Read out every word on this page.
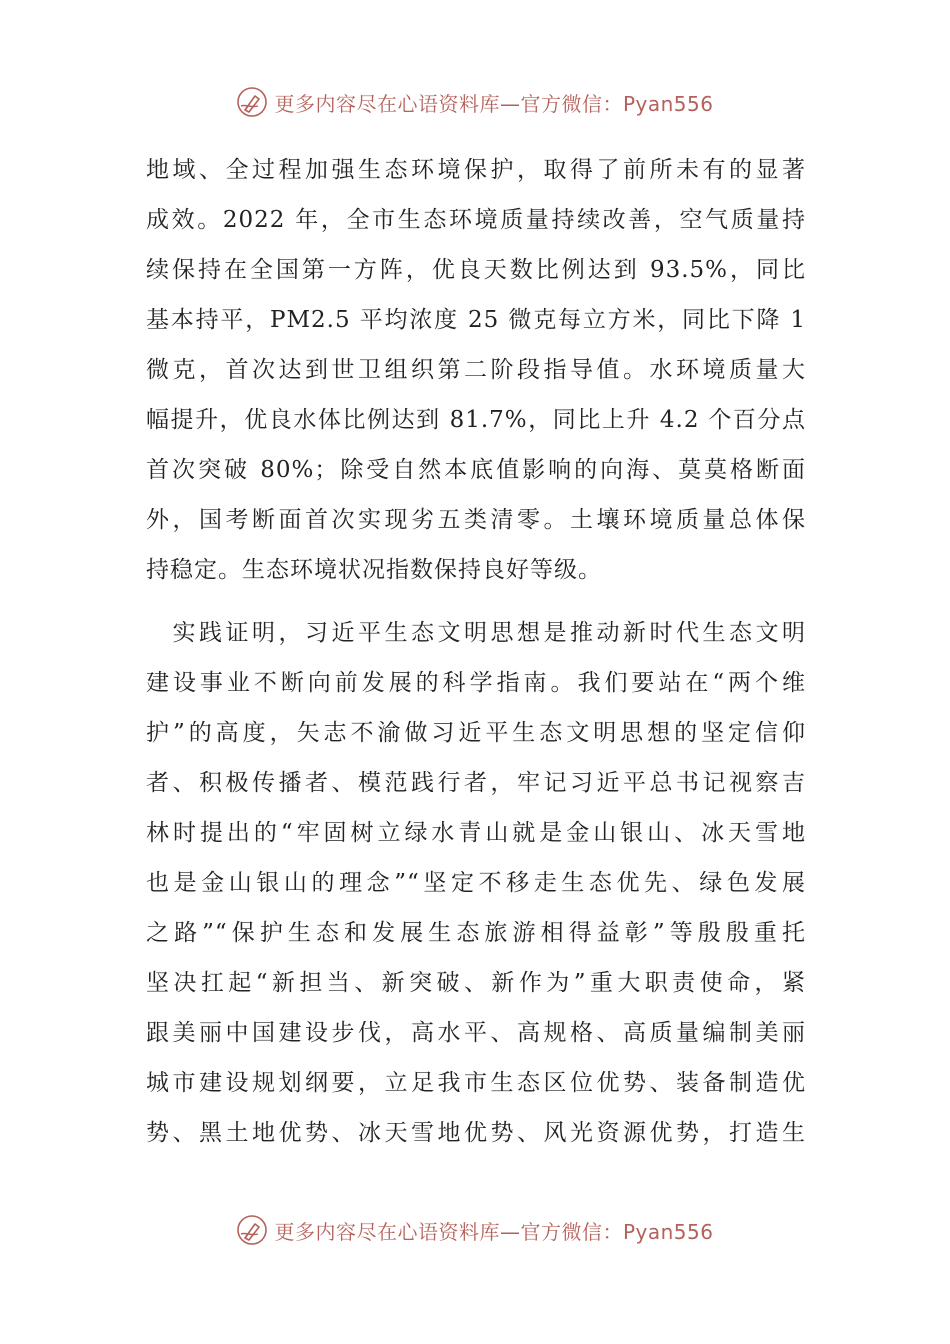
更多内容尽在心语资料库 —官方微信：Pyan556
地域、全过程加强生态环境保护，取得了前所未有的显著
成效。2022 年，全市生态环境质量持续改善，空气质量持
续保持在全国第一方阵，优良天数比例达到 93.5%，同比
基本持平，PM2.5 平均浓度 25 微克每立方米，同比下降 1
微克，首次达到世卫组织第二阶段指导值。水环境质量大
幅提升，优良水体比例达到 81.7%，同比上升 4.2 个百分点
首次突破 80%；除受自然本底值影响的向海、莫莫格断面
外，国考断面首次实现劣五类清零。土壤环境质量总体保
持稳定。生态环境状况指数保持良好等级。
　实践证明，习近平生态文明思想是推动新时代生态文明
建设事业不断向前发展的科学指南。我们要站在“两个维
护”的高度，矢志不渝做习近平生态文明思想的坚定信仰
者、积极传播者、模范践行者，牢记习近平总书记视察吉
林时提出的“牢固树立绿水青山就是金山银山、冰天雪地
也是金山银山的理念”“坚定不移走生态优先、绿色发展
之路”“保护生态和发展生态旅游相得益彰”等殷殷重托
坚决扛起“新担当、新突破、新作为”重大职责使命，紧
跟美丽中国建设步伐，高水平、高规格、高质量编制美丽
城市建设规划纲要，立足我市生态区位优势、装备制造优
势、黑土地优势、冰天雪地优势、风光资源优势，打造生
更多内容尽在心语资料库 —官方微信：Pyan556
